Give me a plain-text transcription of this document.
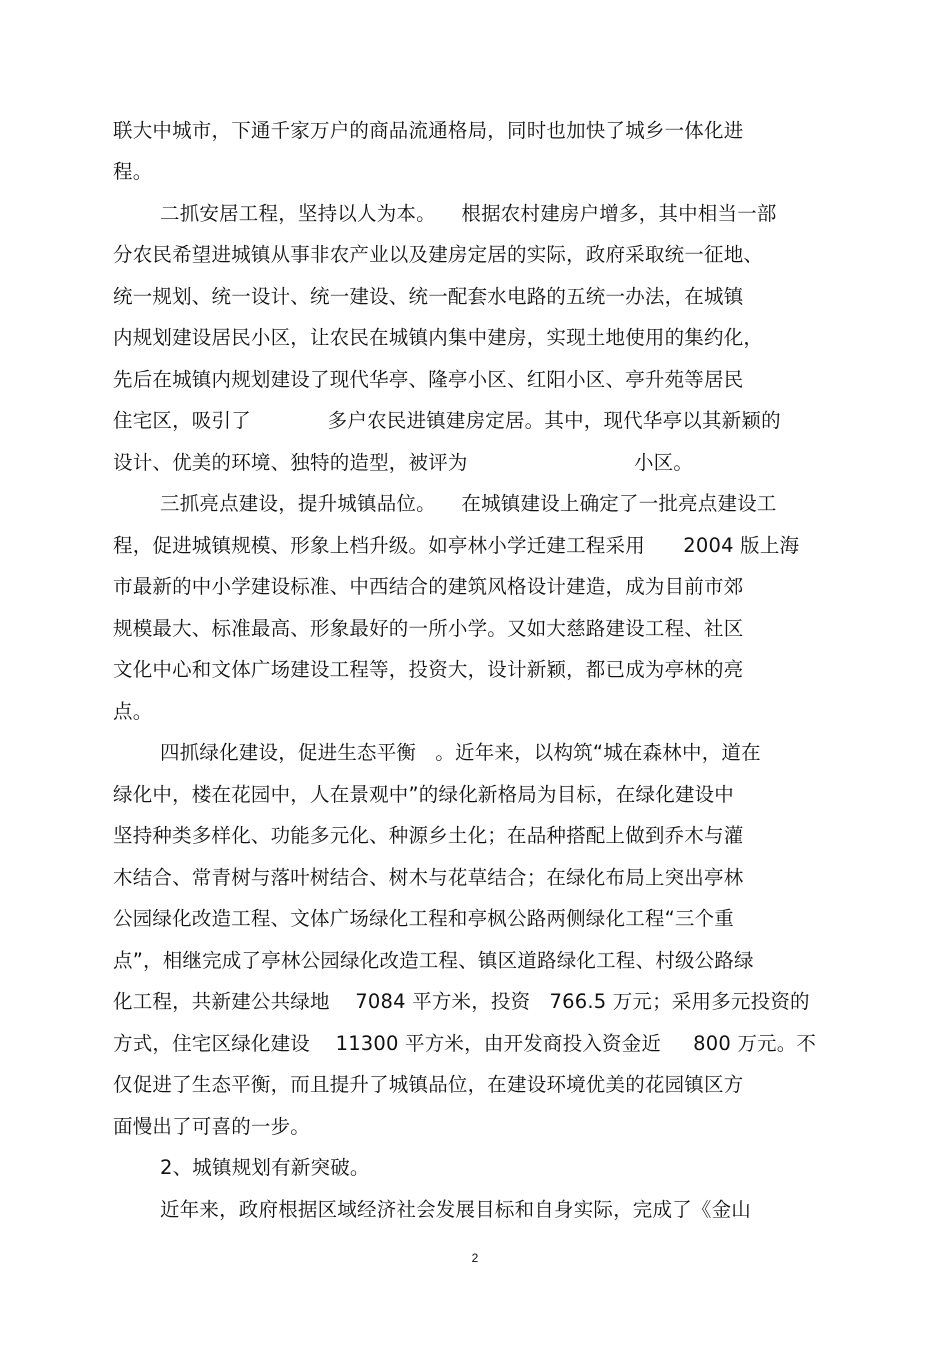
联大中城市，下通千家万户的商品流通格局，同时也加快了城乡一体化进

程。

二抓安居工程，坚持以人为本。    根据农村建房户增多，其中相当一部

分农民希望进城镇从事非农产业以及建房定居的实际，政府采取统一征地、

统一规划、统一设计、统一建设、统一配套水电路的五统一办法，在城镇

内规划建设居民小区，让农民在城镇内集中建房，实现土地使用的集约化，

先后在城镇内规划建设了现代华亭、隆亭小区、红阳小区、亭升苑等居民

住宅区，吸引了            多户农民进镇建房定居。其中，现代华亭以其新颖的

设计、优美的环境、独特的造型，被评为                          小区。

三抓亮点建设，提升城镇品位。    在城镇建设上确定了一批亮点建设工

程，促进城镇规模、形象上档升级。如亭林小学迁建工程采用      2004 版上海

市最新的中小学建设标准、中西结合的建筑风格设计建造，成为目前市郊

规模最大、标准最高、形象最好的一所小学。又如大慈路建设工程、社区

文化中心和文体广场建设工程等，投资大，设计新颖，都已成为亭林的亮

点。

四抓绿化建设，促进生态平衡   。近年来，以构筑“城在森林中，道在

绿化中，楼在花园中，人在景观中”的绿化新格局为目标，在绿化建设中

坚持种类多样化、功能多元化、种源乡土化；在品种搭配上做到乔木与灌

木结合、常青树与落叶树结合、树木与花草结合；在绿化布局上突出亭林

公园绿化改造工程、文体广场绿化工程和亭枫公路两侧绿化工程“三个重

点”，相继完成了亭林公园绿化改造工程、镇区道路绿化工程、村级公路绿

化工程，共新建公共绿地    7084 平方米，投资   766.5 万元；采用多元投资的

方式，住宅区绿化建设    11300 平方米，由开发商投入资金近     800 万元。不

仅促进了生态平衡，而且提升了城镇品位，在建设环境优美的花园镇区方

面慢出了可喜的一步。

2、城镇规划有新突破。

近年来，政府根据区域经济社会发展目标和自身实际，完成了《金山

2
